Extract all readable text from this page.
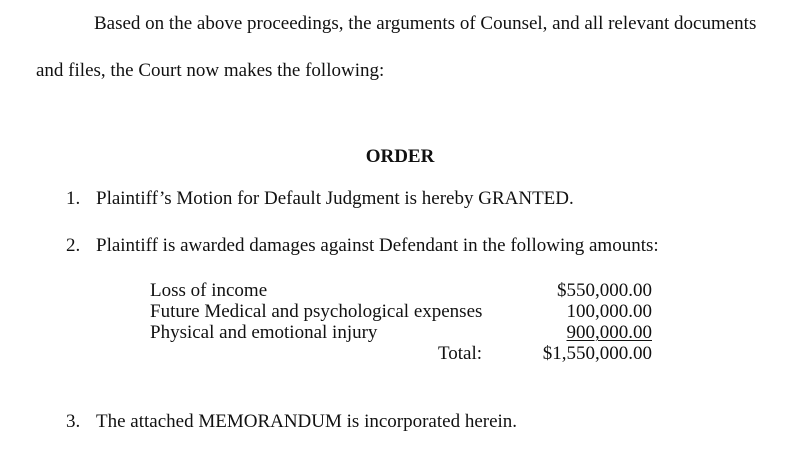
Based on the above proceedings, the arguments of Counsel, and all relevant documents
and files, the Court now makes the following:
ORDER
1. Plaintiff’s Motion for Default Judgment is hereby GRANTED.
2. Plaintiff is awarded damages against Defendant in the following amounts:
Loss of income	$550,000.00
Future Medical and psychological expenses	100,000.00
Physical and emotional injury	900,000.00
Total:	$1,550,000.00
3. The attached MEMORANDUM is incorporated herein.
